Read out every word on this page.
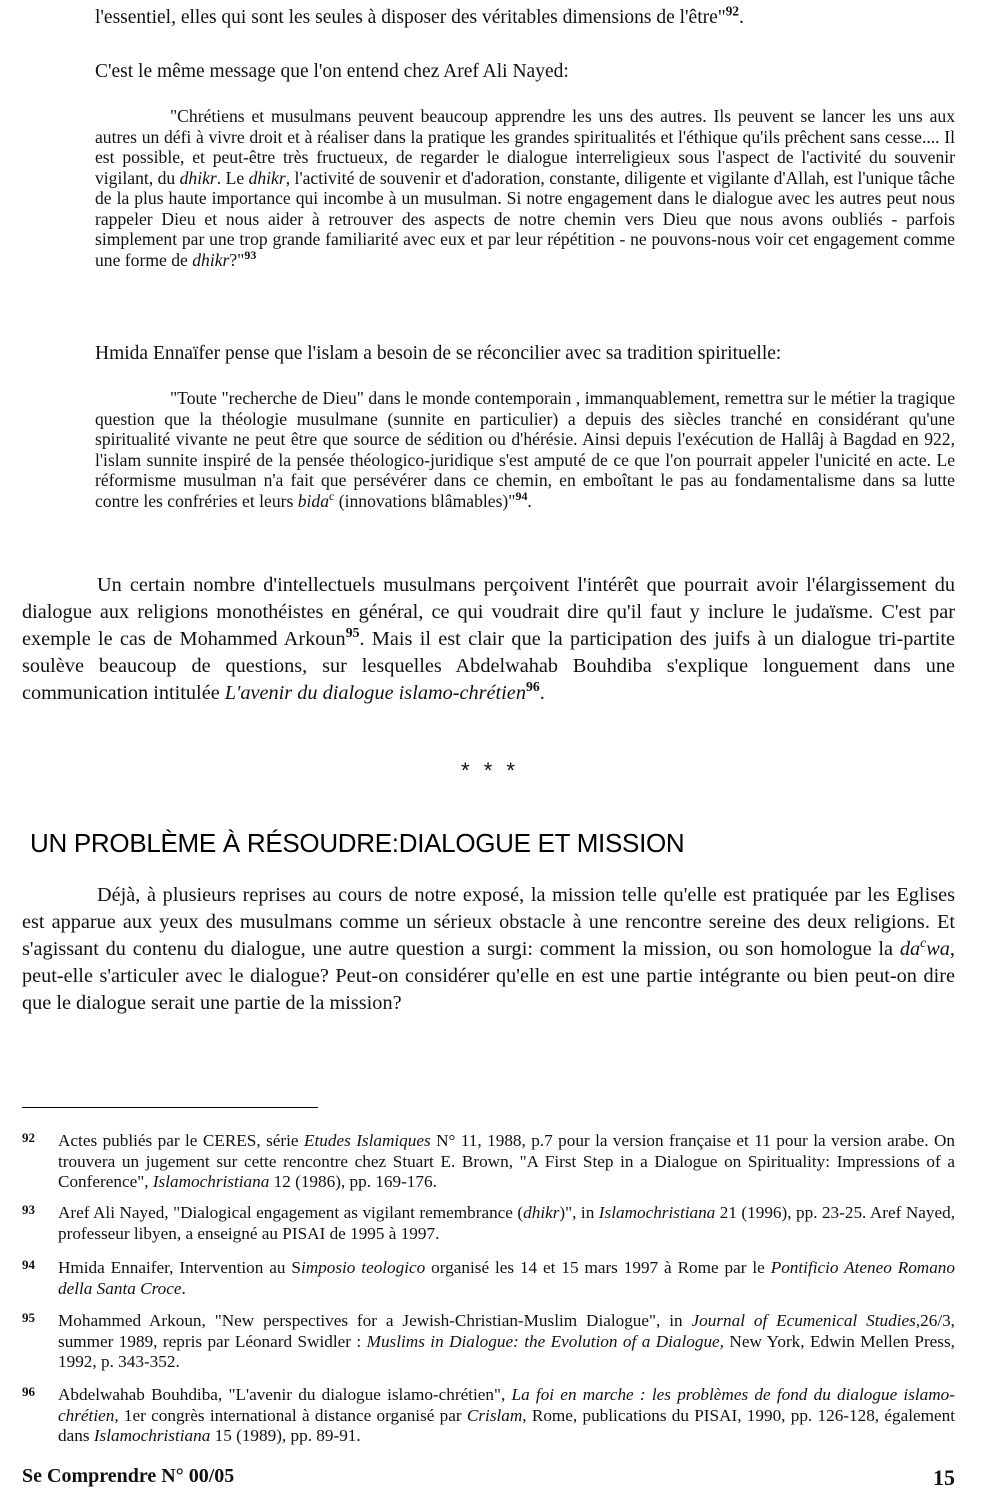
l'essentiel, elles qui sont les seules à disposer des véritables dimensions de l'être"$^{92}$.
C'est le même message que l'on entend chez Aref Ali Nayed:
"Chrétiens et musulmans peuvent beaucoup apprendre les uns des autres. Ils peuvent se lancer les uns aux autres un défi à vivre droit et à réaliser dans la pratique les grandes spiritualités et l'éthique qu'ils prêchent sans cesse.... Il est possible, et peut-être très fructueux, de regarder le dialogue interreligieux sous l'aspect de l'activité du souvenir vigilant, du dhikr. Le dhikr, l'activité de souvenir et d'adoration, constante, diligente et vigilante d'Allah, est l'unique tâche de la plus haute importance qui incombe à un musulman. Si notre engagement dans le dialogue avec les autres peut nous rappeler Dieu et nous aider à retrouver des aspects de notre chemin vers Dieu que nous avons oubliés - parfois simplement par une trop grande familiarité avec eux et par leur répétition - ne pouvons-nous voir cet engagement comme une forme de dhikr?"$^{93}$
Hmida Ennaïfer pense que l'islam a besoin de se réconcilier avec sa tradition spirituelle:
"Toute "recherche de Dieu" dans le monde contemporain , immanquablement, remettra sur le métier la tragique question que la théologie musulmane (sunnite en particulier) a depuis des siècles tranché en considérant qu'une spiritualité vivante ne peut être que source de sédition ou d'hérésie. Ainsi depuis l'exécution de Hallâj à Bagdad en 922, l'islam sunnite inspiré de la pensée théologico-juridique s'est amputé de ce que l'on pourrait appeler l'unicité en acte. Le réformisme musulman n'a fait que persévérer dans ce chemin, en emboîtant le pas au fondamentalisme dans sa lutte contre les confréries et leurs bida$^c$ (innovations blâmables)"$^{94}$.
Un certain nombre d'intellectuels musulmans perçoivent l'intérêt que pourrait avoir l'élargissement du dialogue aux religions monothéistes en général, ce qui voudrait dire qu'il faut y inclure le judaïsme. C'est par exemple le cas de Mohammed Arkoun$^{95}$. Mais il est clair que la participation des juifs à un dialogue tri-partite soulève beaucoup de questions, sur lesquelles Abdelwahab Bouhdiba s'explique longuement dans une communication intitulée L'avenir du dialogue islamo-chrétien$^{96}$.
* * *
UN PROBLÈME À RÉSOUDRE:DIALOGUE ET MISSION
Déjà, à plusieurs reprises au cours de notre exposé, la mission telle qu'elle est pratiquée par les Eglises est apparue aux yeux des musulmans comme un sérieux obstacle à une rencontre sereine des deux religions. Et s'agissant du contenu du dialogue, une autre question a surgi: comment la mission, ou son homologue la $da^cwa$, peut-elle s'articuler avec le dialogue? Peut-on considérer qu'elle en est une partie intégrante ou bien peut-on dire que le dialogue serait une partie de la mission?
92 Actes publiés par le CERES, série Etudes Islamiques N° 11, 1988, p.7 pour la version française et 11 pour la version arabe. On trouvera un jugement sur cette rencontre chez Stuart E. Brown, "A First Step in a Dialogue on Spirituality: Impressions of a Conference", Islamochristiana 12 (1986), pp. 169-176.
93 Aref Ali Nayed, "Dialogical engagement as vigilant remembrance (dhikr)", in Islamochristiana 21 (1996), pp. 23-25. Aref Nayed, professeur libyen, a enseigné au PISAI de 1995 à 1997.
94 Hmida Ennaifer, Intervention au Simposio teologico organisé les 14 et 15 mars 1997 à Rome par le Pontificio Ateneo Romano della Santa Croce.
95 Mohammed Arkoun, "New perspectives for a Jewish-Christian-Muslim Dialogue", in Journal of Ecumenical Studies,26/3, summer 1989, repris par Léonard Swidler : Muslims in Dialogue: the Evolution of a Dialogue, New York, Edwin Mellen Press, 1992, p. 343-352.
96 Abdelwahab Bouhdiba, "L'avenir du dialogue islamo-chrétien", La foi en marche : les problèmes de fond du dialogue islamo-chrétien, 1er congrès international à distance organisé par Crislam, Rome, publications du PISAI, 1990, pp. 126-128, également dans Islamochristiana 15 (1989), pp. 89-91.
Se Comprendre N° 00/05	15
